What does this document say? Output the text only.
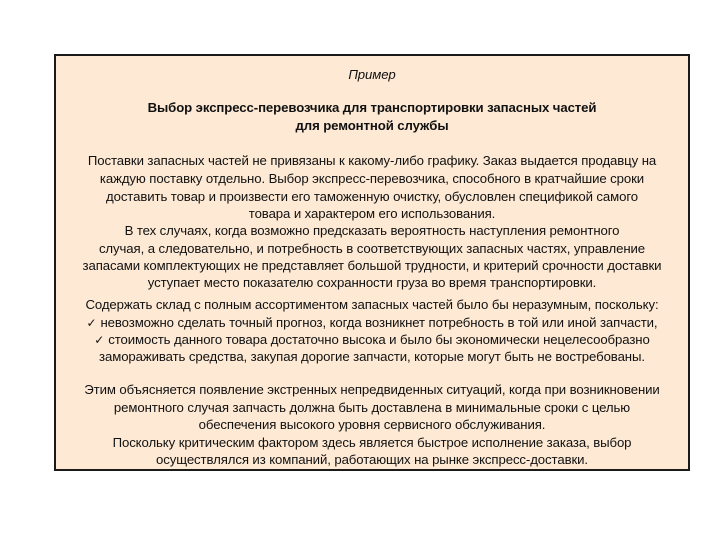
Пример
Выбор экспресс-перевозчика для транспортировки запасных частей
для ремонтной службы
Поставки запасных частей не привязаны к какому-либо графику. Заказ выдается продавцу на
каждую поставку отдельно. Выбор экспресс-перевозчика, способного в кратчайшие сроки
доставить товар и произвести его таможенную очистку, обусловлен спецификой самого
товара и характером его использования.
В тех случаях, когда возможно предсказать вероятность наступления ремонтного
случая, а следовательно, и потребность в соответствующих запасных частях, управление
запасами комплектующих не представляет большой трудности, и критерий срочности доставки
уступает место показателю сохранности груза во время транспортировки.
Содержать склад с полным ассортиментом запасных частей было бы неразумным, поскольку:
✓ невозможно сделать точный прогноз, когда возникнет потребность в той или иной запчасти,
✓ стоимость данного товара достаточно высока и было бы экономически нецелесообразно
замораживать средства, закупая дорогие запчасти, которые могут быть не востребованы.
Этим объясняется появление экстренных непредвиденных ситуаций, когда при возникновении
ремонтного случая запчасть должна быть доставлена в минимальные сроки с целью
обеспечения высокого уровня сервисного обслуживания.
Поскольку критическим фактором здесь является быстрое исполнение заказа, выбор
осуществлялся из компаний, работающих на рынке экспресс-доставки.
